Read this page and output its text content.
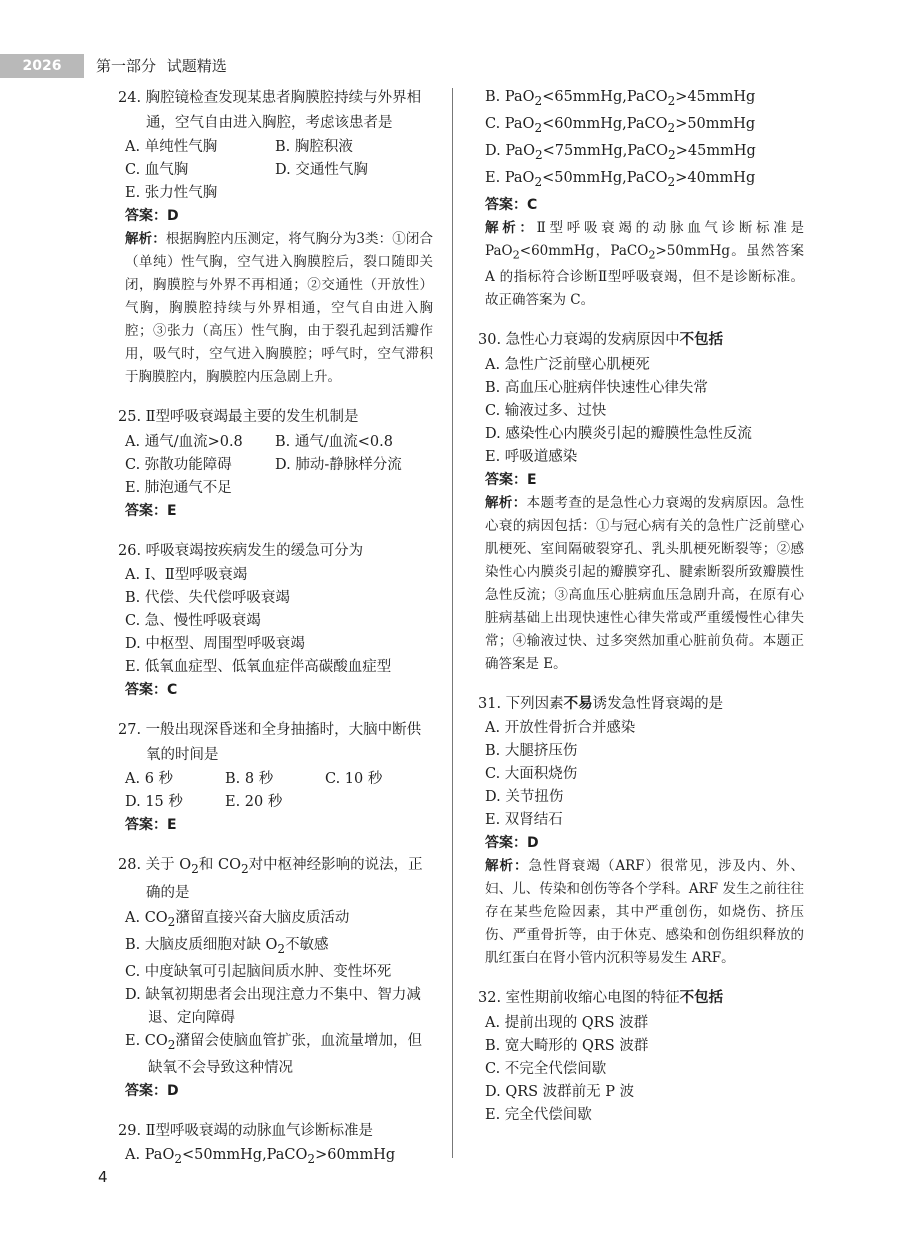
2026	第一部分 试题精选
24. 胸腔镜检查发现某患者胸膜腔持续与外界相通，空气自由进入胸腔，考虑该患者是
A. 单纯性气胸	B. 胸腔积液
C. 血气胸	D. 交通性气胸
E. 张力性气胸
答案：D
解析：根据胸腔内压测定，将气胸分为3类：①闭合（单纯）性气胸，空气进入胸膜腔后，裂口随即关闭，胸膜腔与外界不再相通；②交通性（开放性）气胸，胸膜腔持续与外界相通，空气自由进入胸腔；③张力（高压）性气胸，由于裂孔起到活瓣作用，吸气时，空气进入胸膜腔；呼气时，空气滞积于胸膜腔内，胸膜腔内压急剧上升。
25. Ⅱ型呼吸衰竭最主要的发生机制是
A. 通气/血流>0.8	B. 通气/血流<0.8
C. 弥散功能障碍	D. 肺动-静脉样分流
E. 肺泡通气不足
答案：E
26. 呼吸衰竭按疾病发生的缓急可分为
A. Ⅰ、Ⅱ型呼吸衰竭
B. 代偿、失代偿呼吸衰竭
C. 急、慢性呼吸衰竭
D. 中枢型、周围型呼吸衰竭
E. 低氧血症型、低氧血症伴高碳酸血症型
答案：C
27. 一般出现深昏迷和全身抽搐时，大脑中断供氧的时间是
A. 6 秒	B. 8 秒	C. 10 秒
D. 15 秒	E. 20 秒
答案：E
28. 关于 $O_2$和 $CO_2$对中枢神经影响的说法，正确的是
A. $CO_2$潴留直接兴奋大脑皮质活动
B. 大脑皮质细胞对缺 $O_2$不敏感
C. 中度缺氧可引起脑间质水肿、变性坏死
D. 缺氧初期患者会出现注意力不集中、智力减退、定向障碍
E. $CO_2$潴留会使脑血管扩张，血流量增加，但缺氧不会导致这种情况
答案：D
29. Ⅱ型呼吸衰竭的动脉血气诊断标准是
A. PaO$_2$<50mmHg,PaCO$_2$>60mmHg
B. PaO$_2$<65mmHg,PaCO$_2$>45mmHg
C. PaO$_2$<60mmHg,PaCO$_2$>50mmHg
D. PaO$_2$<75mmHg,PaCO$_2$>45mmHg
E. PaO$_2$<50mmHg,PaCO$_2$>40mmHg
答案：C
解析：Ⅱ型呼吸衰竭的动脉血气诊断标准是 PaO$_2$<60mmHg，PaCO$_2$>50mmHg。虽然答案 A 的指标符合诊断Ⅱ型呼吸衰竭，但不是诊断标准。故正确答案为 C。
30. 急性心力衰竭的发病原因中不包括
A. 急性广泛前壁心肌梗死
B. 高血压心脏病伴快速性心律失常
C. 输液过多、过快
D. 感染性心内膜炎引起的瓣膜性急性反流
E. 呼吸道感染
答案：E
解析：本题考查的是急性心力衰竭的发病原因。急性心衰的病因包括：①与冠心病有关的急性广泛前壁心肌梗死、室间隔破裂穿孔、乳头肌梗死断裂等；②感染性心内膜炎引起的瓣膜穿孔、腱索断裂所致瓣膜性急性反流；③高血压心脏病血压急剧升高，在原有心脏病基础上出现快速性心律失常或严重缓慢性心律失常；④输液过快、过多突然加重心脏前负荷。本题正确答案是 E。
31. 下列因素不易诱发急性肾衰竭的是
A. 开放性骨折合并感染
B. 大腿挤压伤
C. 大面积烧伤
D. 关节扭伤
E. 双肾结石
答案：D
解析：急性肾衰竭（ARF）很常见，涉及内、外、妇、儿、传染和创伤等各个学科。ARF 发生之前往往存在某些危险因素，其中严重创伤，如烧伤、挤压伤、严重骨折等，由于休克、感染和创伤组织释放的肌红蛋白在肾小管内沉积等易发生 ARF。
32. 室性期前收缩心电图的特征不包括
A. 提前出现的 QRS 波群
B. 宽大畸形的 QRS 波群
C. 不完全代偿间歇
D. QRS 波群前无 P 波
E. 完全代偿间歇
4
